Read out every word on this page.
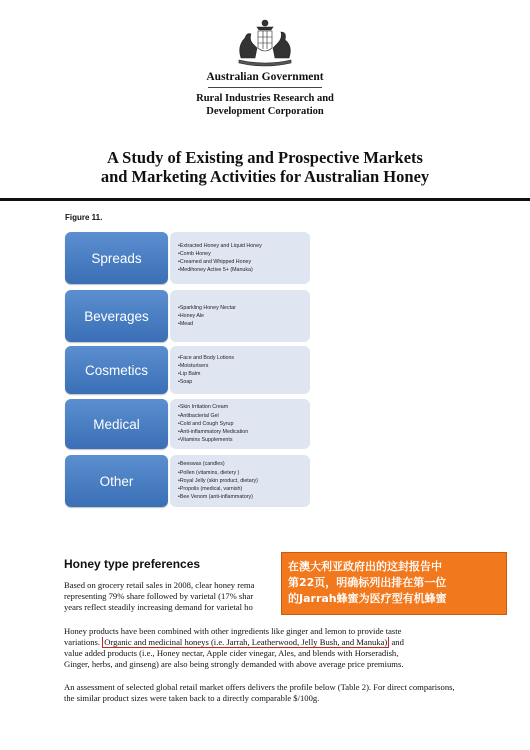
Australian Government
Rural Industries Research and
Development Corporation
A Study of Existing and Prospective Markets
and Marketing Activities for Australian Honey
Figure 11.
Spreads
• Extracted Honey and Liquid Honey
• Comb Honey
• Creamed and Whipped Honey
• Medihoney Active 5+ (Manuka)
Beverages
• Sparkling Honey Nectar
• Honey Ale
• Mead
Cosmetics
• Face and Body Lotions
• Moisturisers
• Lip Balm
• Soap
Medical
• Skin Irritation Cream
• Antibacterial Gel
• Cold and Cough Syrup
• Anti-inflammatory Medication
• Vitamins Supplements
Other
• Beeswax (candles)
• Pollen (vitamins, dietery )
• Royal Jelly (skin product, dietary)
• Propolis (medical, varnish)
• Bee Venom (anti-inflammatory)
Honey type preferences
Based on grocery retail sales in 2008, clear honey rema
representing 79% share followed by varietal (17% shar
years reflect steadily increasing demand for varietal ho
Honey products have been combined with other ingredients like ginger and lemon to provide taste
variations. Organic and medicinal honeys (i.e. Jarrah, Leatherwood, Jelly Bush, and Manuka) and
value added products (i.e., Honey nectar, Apple cider vinegar, Ales, and blends with Horseradish,
Ginger, herbs, and ginseng) are also being strongly demanded with above average price premiums.
An assessment of selected global retail market offers delivers the profile below (Table 2). For direct comparisons, the similar product sizes were taken back to a directly comparable $/100g.
在澳大利亚政府出的这封报告中
第22页，明确标列出排在第一位
的Jarrah蜂蜜为医疗型有机蜂蜜
